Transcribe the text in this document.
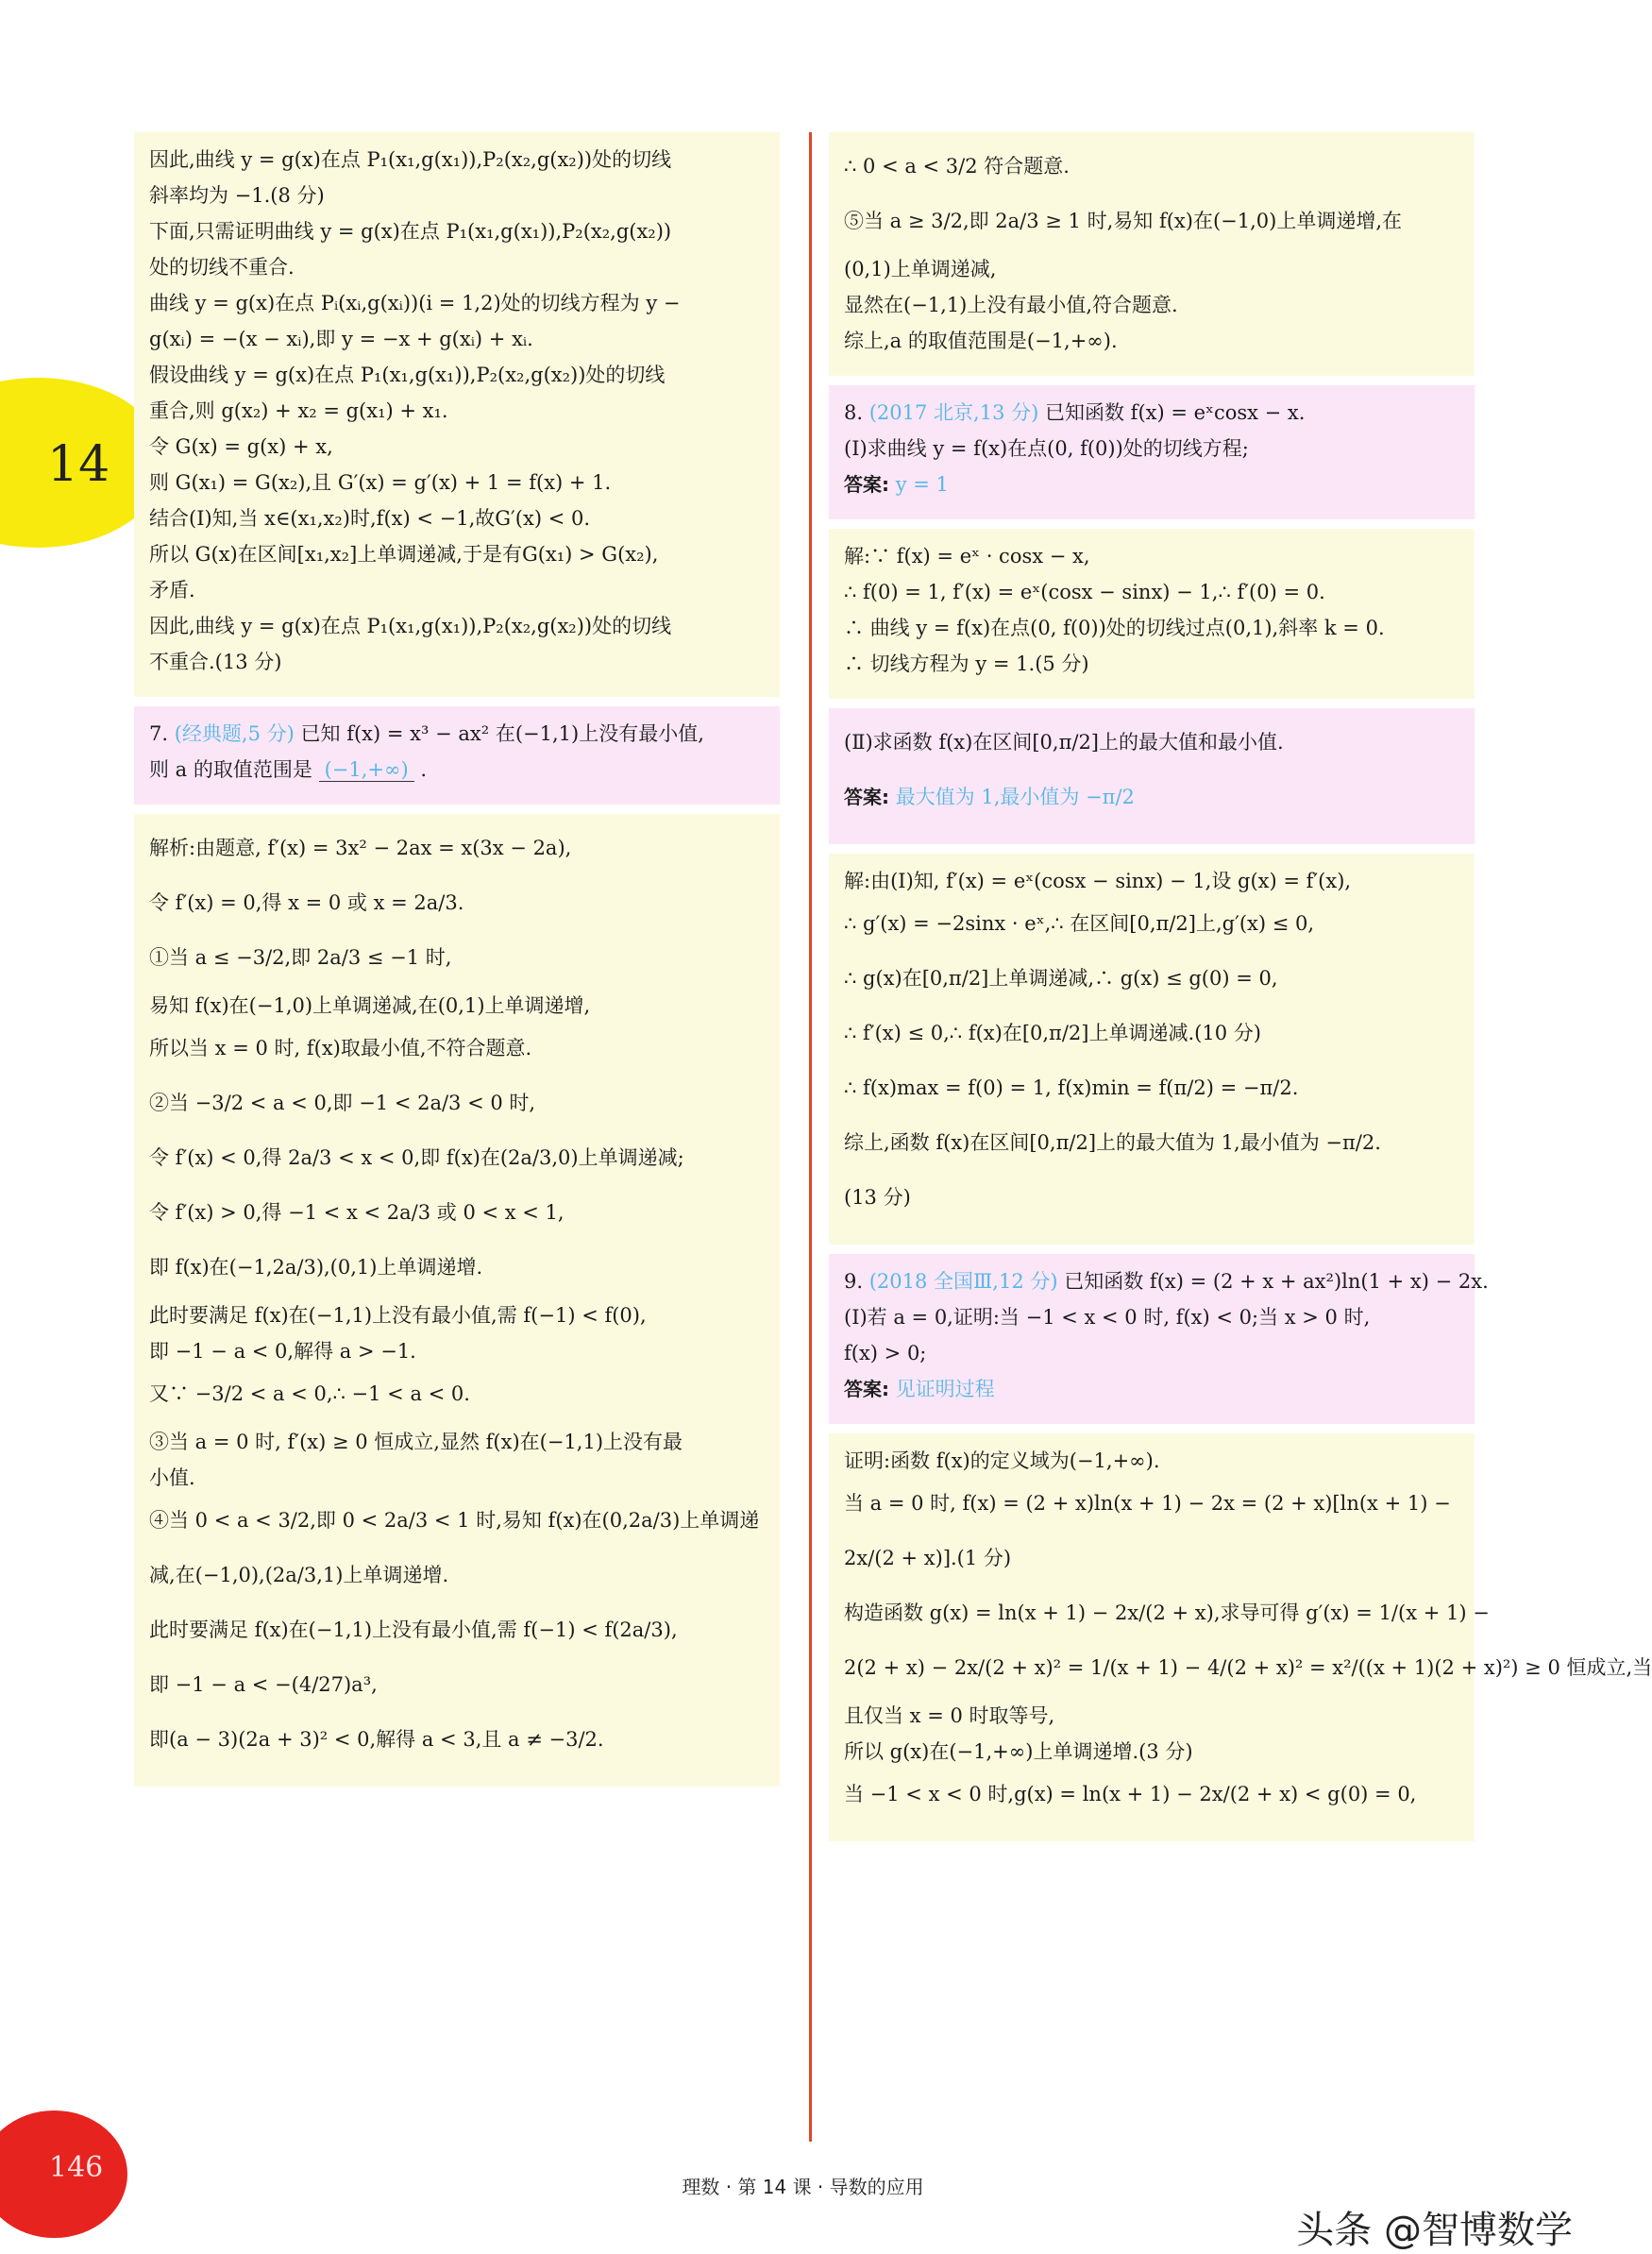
14
因此,曲线 y = g(x)在点 P₁(x₁,g(x₁)),P₂(x₂,g(x₂))处的切线
斜率均为 −1.(8 分)
下面,只需证明曲线 y = g(x)在点 P₁(x₁,g(x₁)),P₂(x₂,g(x₂))
处的切线不重合.
曲线 y = g(x)在点 Pᵢ(xᵢ,g(xᵢ))(i = 1,2)处的切线方程为 y −
g(xᵢ) = −(x − xᵢ),即 y = −x + g(xᵢ) + xᵢ.
假设曲线 y = g(x)在点 P₁(x₁,g(x₁)),P₂(x₂,g(x₂))处的切线
重合,则 g(x₂) + x₂ = g(x₁) + x₁.
令 G(x) = g(x) + x,
则 G(x₁) = G(x₂),且 G′(x) = g′(x) + 1 = f(x) + 1.
结合(Ⅰ)知,当 x∈(x₁,x₂)时,f(x) < −1,故G′(x) < 0.
所以 G(x)在区间[x₁,x₂]上单调递减,于是有G(x₁) > G(x₂),
矛盾.
因此,曲线 y = g(x)在点 P₁(x₁,g(x₁)),P₂(x₂,g(x₂))处的切线
不重合.(13 分)
7. (经典题,5 分) 已知 f(x) = x³ − ax² 在(−1,1)上没有最小值,
则 a 的取值范围是 (−1,+∞) .
解析:由题意, f′(x) = 3x² − 2ax = x(3x − 2a),
令 f′(x) = 0,得 x = 0 或 x = 2a/3.
①当 a ≤ −3/2,即 2a/3 ≤ −1 时,
易知 f(x)在(−1,0)上单调递减,在(0,1)上单调递增,
所以当 x = 0 时, f(x)取最小值,不符合题意.
②当 −3/2 < a < 0,即 −1 < 2a/3 < 0 时,
令 f′(x) < 0,得 2a/3 < x < 0,即 f(x)在(2a/3,0)上单调递减;
令 f′(x) > 0,得 −1 < x < 2a/3 或 0 < x < 1,
即 f(x)在(−1,2a/3),(0,1)上单调递增.
此时要满足 f(x)在(−1,1)上没有最小值,需 f(−1) < f(0),
即 −1 − a < 0,解得 a > −1.
又∵ −3/2 < a < 0,∴ −1 < a < 0.
③当 a = 0 时, f′(x) ≥ 0 恒成立,显然 f(x)在(−1,1)上没有最
小值.
④当 0 < a < 3/2,即 0 < 2a/3 < 1 时,易知 f(x)在(0,2a/3)上单调递
减,在(−1,0),(2a/3,1)上单调递增.
此时要满足 f(x)在(−1,1)上没有最小值,需 f(−1) < f(2a/3),
即 −1 − a < −(4/27)a³,
即(a − 3)(2a + 3)² < 0,解得 a < 3,且 a ≠ −3/2.
∴ 0 < a < 3/2 符合题意.
⑤当 a ≥ 3/2,即 2a/3 ≥ 1 时,易知 f(x)在(−1,0)上单调递增,在
(0,1)上单调递减,
显然在(−1,1)上没有最小值,符合题意.
综上,a 的取值范围是(−1,+∞).
8. (2017 北京,13 分) 已知函数 f(x) = eˣcosx − x.
(Ⅰ)求曲线 y = f(x)在点(0, f(0))处的切线方程;
答案: y = 1
解:∵ f(x) = eˣ · cosx − x,
∴ f(0) = 1, f′(x) = eˣ(cosx − sinx) − 1,∴ f′(0) = 0.
∴ 曲线 y = f(x)在点(0, f(0))处的切线过点(0,1),斜率 k = 0.
∴ 切线方程为 y = 1.(5 分)
(Ⅱ)求函数 f(x)在区间[0,π/2]上的最大值和最小值.
答案: 最大值为 1,最小值为 −π/2
解:由(Ⅰ)知, f′(x) = eˣ(cosx − sinx) − 1,设 g(x) = f′(x),
∴ g′(x) = −2sinx · eˣ,∴ 在区间[0,π/2]上,g′(x) ≤ 0,
∴ g(x)在[0,π/2]上单调递减,∴ g(x) ≤ g(0) = 0,
∴ f′(x) ≤ 0,∴ f(x)在[0,π/2]上单调递减.(10 分)
∴ f(x)max = f(0) = 1, f(x)min = f(π/2) = −π/2.
综上,函数 f(x)在区间[0,π/2]上的最大值为 1,最小值为 −π/2.
(13 分)
9. (2018 全国Ⅲ,12 分) 已知函数 f(x) = (2 + x + ax²)ln(1 + x) − 2x.
(Ⅰ)若 a = 0,证明:当 −1 < x < 0 时, f(x) < 0;当 x > 0 时,
f(x) > 0;
答案: 见证明过程
证明:函数 f(x)的定义域为(−1,+∞).
当 a = 0 时, f(x) = (2 + x)ln(x + 1) − 2x = (2 + x)[ln(x + 1) −
2x/(2 + x)].(1 分)
构造函数 g(x) = ln(x + 1) − 2x/(2 + x),求导可得 g′(x) = 1/(x + 1) −
2(2 + x) − 2x/(2 + x)² = 1/(x + 1) − 4/(2 + x)² = x²/((x + 1)(2 + x)²) ≥ 0 恒成立,当
且仅当 x = 0 时取等号,
所以 g(x)在(−1,+∞)上单调递增.(3 分)
当 −1 < x < 0 时,g(x) = ln(x + 1) − 2x/(2 + x) < g(0) = 0,
146
理数 · 第 14 课 · 导数的应用
头条 @智博数学
